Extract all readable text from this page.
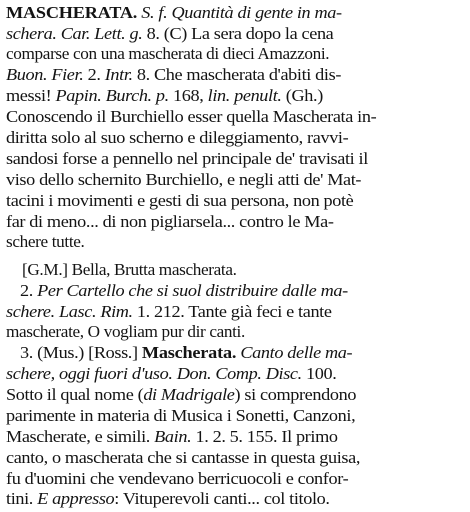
MASCHERATA. S. f. Quantità di gente in ma-
schera. Car. Lett. g. 8. (C) La sera dopo la cena
comparse con una mascherata di dieci Amazzoni.
Buon. Fier. 2. Intr. 8. Che mascherata d'abiti dis-
messi! Papin. Burch. p. 168, lin. penult. (Gh.)
Conoscendo il Burchiello esser quella Mascherata in-
diritta solo al suo scherno e dileggiamento, ravvi-
sandosi forse a pennello nel principale de' travisati il
viso dello schernito Burchiello, e negli atti de' Mat-
tacini i movimenti e gesti di sua persona, non potè
far di meno... di non pigliarsela... contro le Ma-
schere tutte.
[G.M.] Bella, Brutta mascherata.
2. Per Cartello che si suol distribuire dalle ma-
schere. Lasc. Rim. 1. 212. Tante già feci e tante
mascherate, O vogliam pur dir canti.
3. (Mus.) [Ross.] Mascherata. Canto delle ma-
schere, oggi fuori d'uso. Don. Comp. Disc. 100.
Sotto il qual nome (di Madrigale) si comprendono
parimente in materia di Musica i Sonetti, Canzoni,
Mascherate, e simili. Bain. 1. 2. 5. 155. Il primo
canto, o mascherata che si cantasse in questa guisa,
fu d'uomini che vendevano berricuocoli e confor-
tini. E appresso: Vituperevoli canti... col titolo.
